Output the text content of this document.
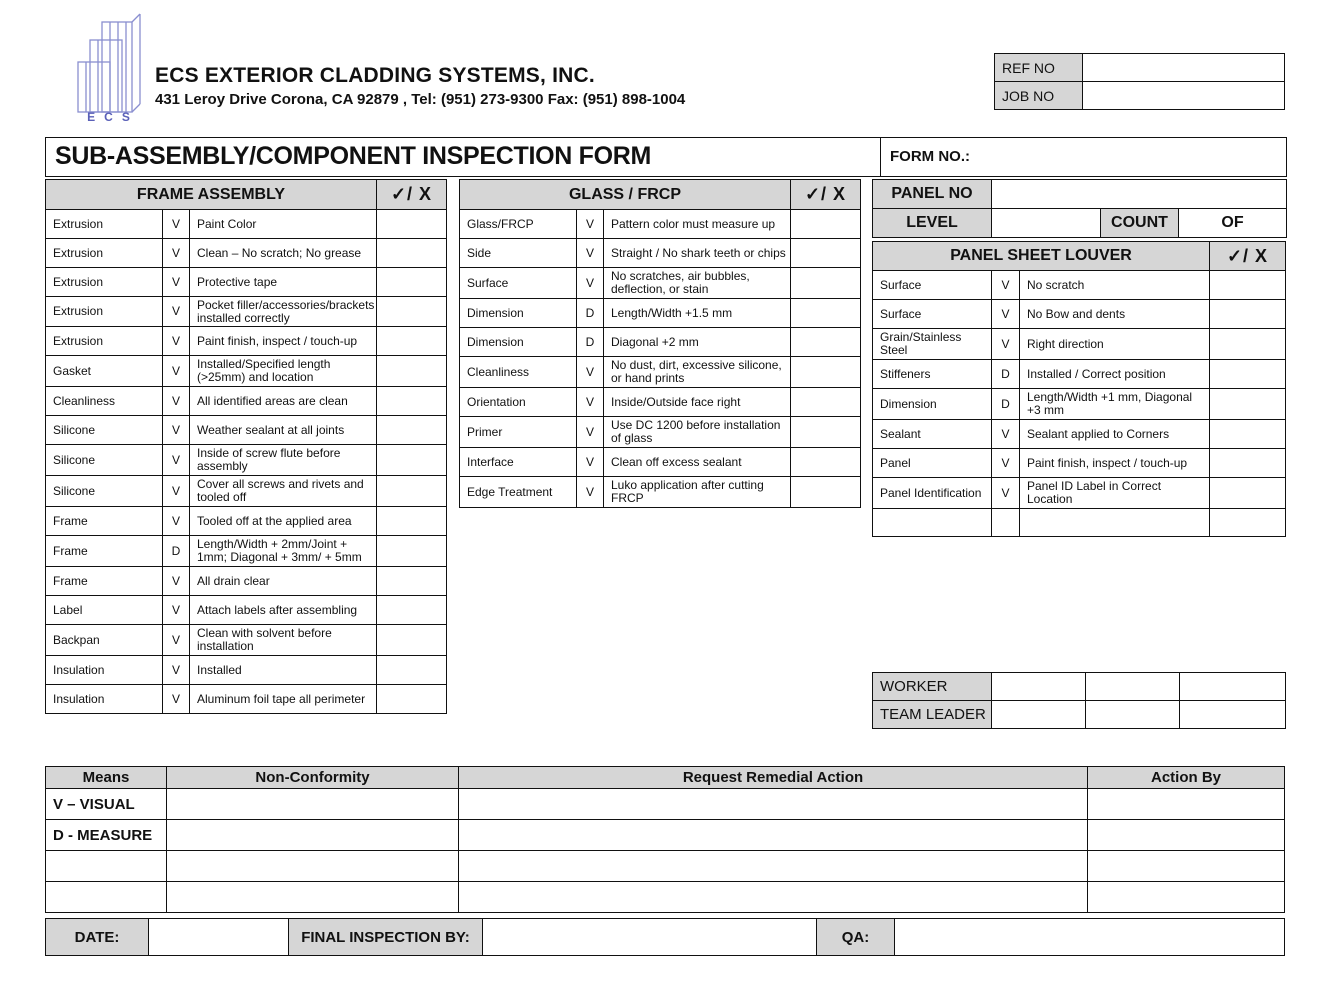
ECS
ECS EXTERIOR CLADDING SYSTEMS, INC.
431 Leroy Drive Corona, CA 92879 , Tel: (951) 273-9300 Fax: (951) 898-1004
REF NO	
JOB NO	
SUB-ASSEMBLY/COMPONENT INSPECTION FORM	FORM NO.:
FRAME ASSEMBLY			✓/ X
Extrusion	V	Paint Color	
Extrusion	V	Clean – No scratch; No grease	
Extrusion	V	Protective tape	
Extrusion	V	Pocket filler/accessories/brackets installed correctly	
Extrusion	V	Paint finish, inspect / touch-up	
Gasket	V	Installed/Specified length (>25mm) and location	
Cleanliness	V	All identified areas are clean	
Silicone	V	Weather sealant at all joints	
Silicone	V	Inside of screw flute before assembly	
Silicone	V	Cover all screws and rivets and tooled off	
Frame	V	Tooled off at the applied area	
Frame	D	Length/Width + 2mm/Joint + 1mm; Diagonal + 3mm/ + 5mm	
Frame	V	All drain clear	
Label	V	Attach labels after assembling	
Backpan	V	Clean with solvent before installation	
Insulation	V	Installed	
Insulation	V	Aluminum foil tape all perimeter	
GLASS / FRCP			✓/ X
Glass/FRCP	V	Pattern color must measure up	
Side	V	Straight / No shark teeth or chips	
Surface	V	No scratches, air bubbles, deflection, or stain	
Dimension	D	Length/Width +1.5 mm	
Dimension	D	Diagonal +2 mm	
Cleanliness	V	No dust, dirt, excessive silicone, or hand prints	
Orientation	V	Inside/Outside face right	
Primer	V	Use DC 1200 before installation of glass	
Interface	V	Clean off excess sealant	
Edge Treatment	V	Luko application after cutting FRCP	
PANEL NO			
LEVEL		COUNT	OF
PANEL SHEET LOUVER			✓/ X
Surface	V	No scratch	
Surface	V	No Bow and dents	
Grain/Stainless Steel	V	Right direction	
Stiffeners	D	Installed / Correct position	
Dimension	D	Length/Width +1 mm, Diagonal +3 mm	
Sealant	V	Sealant applied to Corners	
Panel	V	Paint finish, inspect / touch-up	
Panel Identification	V	Panel ID Label in Correct Location	

WORKER			
TEAM LEADER			
Means	Non-Conformity	Request Remedial Action	Action By
V – VISUAL			
D - MEASURE			

DATE:		FINAL INSPECTION BY:		QA:	
